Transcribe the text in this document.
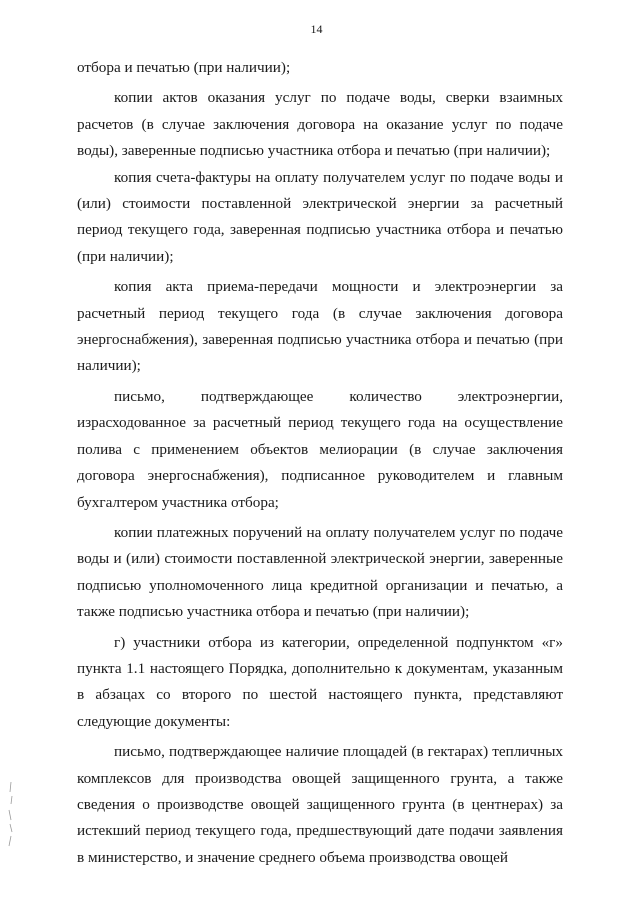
14

отбора и печатью (при наличии);

копии актов оказания услуг по подаче воды, сверки взаимных расчетов (в случае заключения договора на оказание услуг по подаче воды), заверенные подписью участника отбора и печатью (при наличии);

копия счета-фактуры на оплату получателем услуг по подаче воды и (или) стоимости поставленной электрической энергии за расчетный период текущего года, заверенная подписью участника отбора и печатью (при наличии);

копия акта приема-передачи мощности и электроэнергии за расчетный период текущего года (в случае заключения договора энергоснабжения), заверенная подписью участника отбора и печатью (при наличии);

письмо, подтверждающее количество электроэнергии, израсходованное за расчетный период текущего года на осуществление полива с применением объектов мелиорации (в случае заключения договора энергоснабжения), подписанное руководителем и главным бухгалтером участника отбора;

копии платежных поручений на оплату получателем услуг по подаче воды и (или) стоимости поставленной электрической энергии, заверенные подписью уполномоченного лица кредитной организации и печатью, а также подписью участника отбора и печатью (при наличии);

г) участники отбора из категории, определенной подпунктом «г» пункта 1.1 настоящего Порядка, дополнительно к документам, указанным в абзацах со второго по шестой настоящего пункта, представляют следующие документы:

письмо, подтверждающее наличие площадей (в гектарах) тепличных комплексов для производства овощей защищенного грунта, а также сведения о производстве овощей защищенного грунта (в центнерах) за истекший период текущего года, предшествующий дате подачи заявления в министерство, и значение среднего объема производства овощей
